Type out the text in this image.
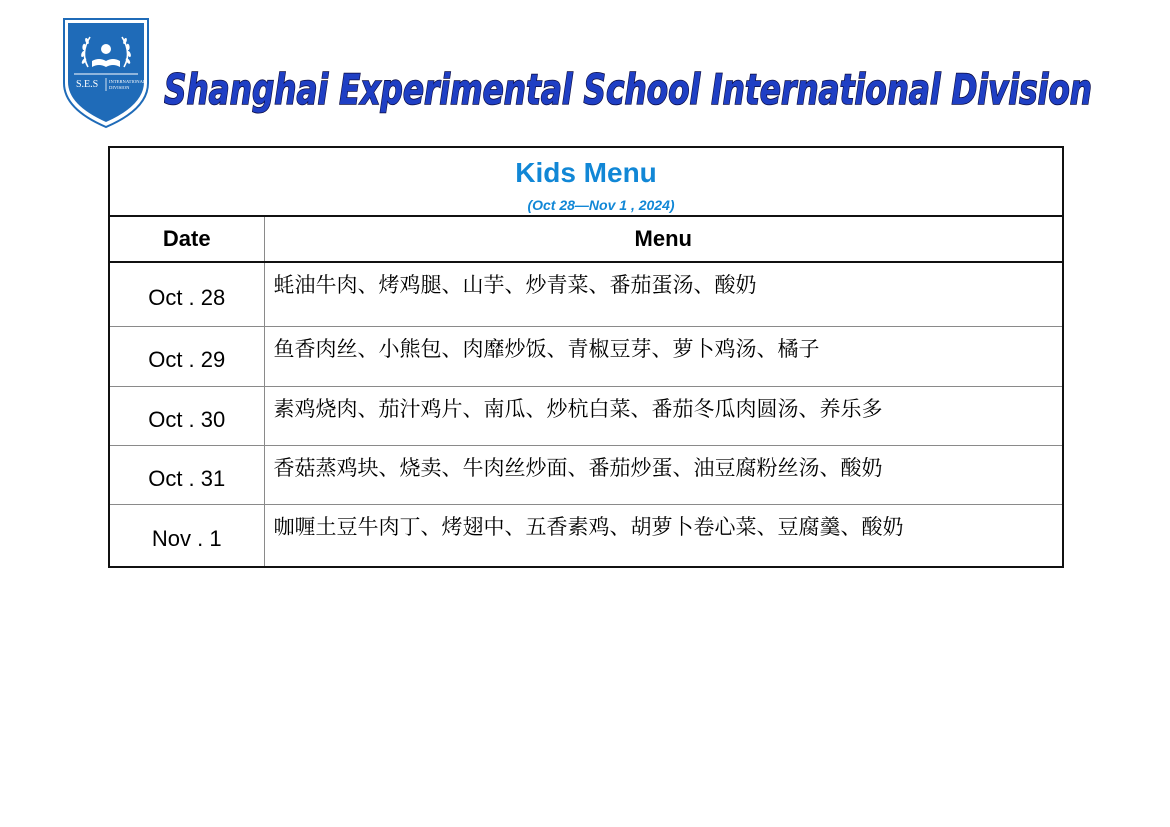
S.E.S INTERNATIONAL
DIVISION Shanghai Experimental School International Division
Kids Menu
(Oct 28—Nov 1 , 2024)	

Date	Menu
Oct . 28	蚝油牛肉、烤鸡腿、山芋、炒青菜、番茄蛋汤、酸奶
Oct . 29	鱼香肉丝、小熊包、肉靡炒饭、青椒豆芽、萝卜鸡汤、橘子
Oct . 30	素鸡烧肉、茄汁鸡片、南瓜、炒杭白菜、番茄冬瓜肉圆汤、养乐多
Oct . 31	香菇蒸鸡块、烧卖、牛肉丝炒面、番茄炒蛋、油豆腐粉丝汤、酸奶
Nov . 1	咖喱土豆牛肉丁、烤翅中、五香素鸡、胡萝卜卷心菜、豆腐羹、酸奶
